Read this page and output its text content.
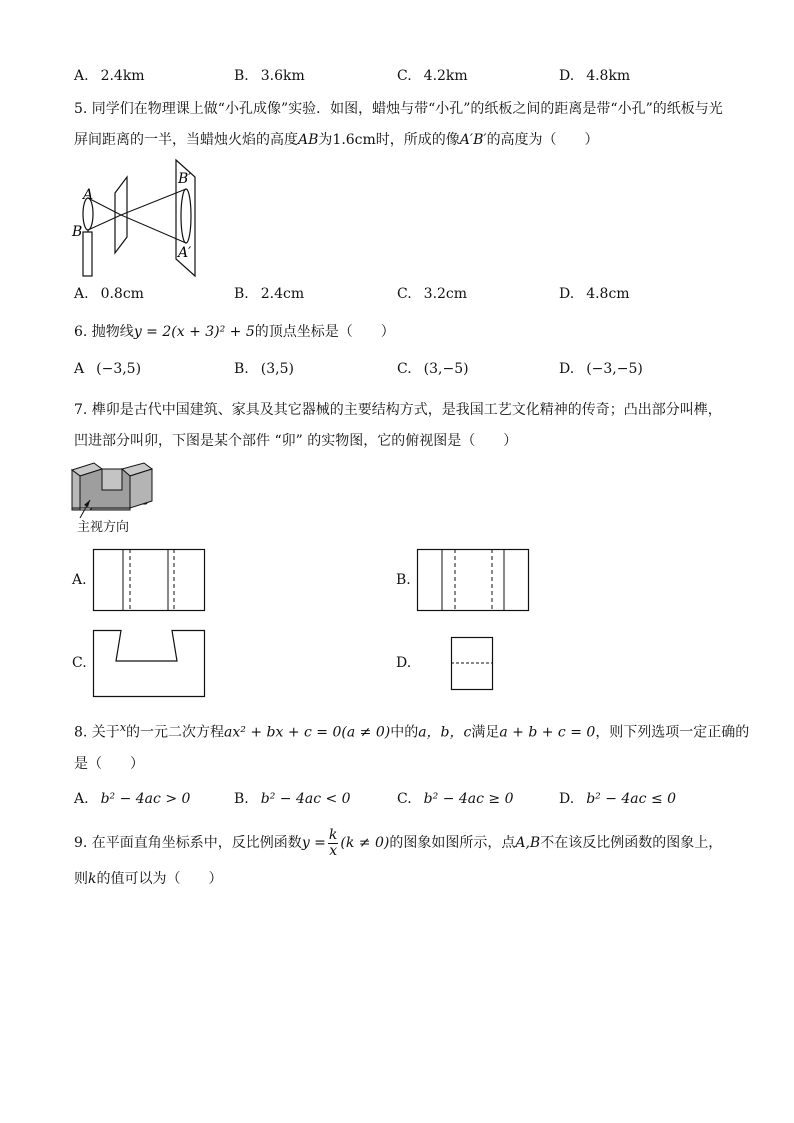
A. 2.4km	B. 3.6km	C. 4.2km	D. 4.8km
5. 同学们在物理课上做“小孔成像”实验．如图，蜡烛与带“小孔”的纸板之间的距离是带“小孔”的纸板与光
屏间距离的一半，当蜡烛火焰的高度AB为1.6cm时，所成的像A′B′的高度为（　　）
A
B
B′
A′
A. 0.8cm	B. 2.4cm	C. 3.2cm	D. 4.8cm
6. 抛物线y = 2(x + 3)² + 5的顶点坐标是（　　）
A (−3,5)	B. (3,5)	C. (3,−5)	D. (−3,−5)
7. 榫卯是古代中国建筑、家具及其它器械的主要结构方式，是我国工艺文化精神的传奇；凸出部分叫榫，
凹进部分叫卯，下图是某个部件 “卯” 的实物图，它的俯视图是（　　）
主视方向
A.	B.
C.	D.
8. 关于$^x$的一元二次方程ax² + bx + c = 0(a ≠ 0)中的a，b，c满足a + b + c = 0，则下列选项一定正确的
是（　　）
A. b² − 4ac > 0	B. b² − 4ac < 0	C. b² − 4ac ≥ 0	D. b² − 4ac ≤ 0
9. 在平面直角坐标系中，反比例函数$y = \frac{k}{x} (k \ne 0)$的图象如图所示，点A,B不在该反比例函数的图象上，
则k的值可以为（　　）
